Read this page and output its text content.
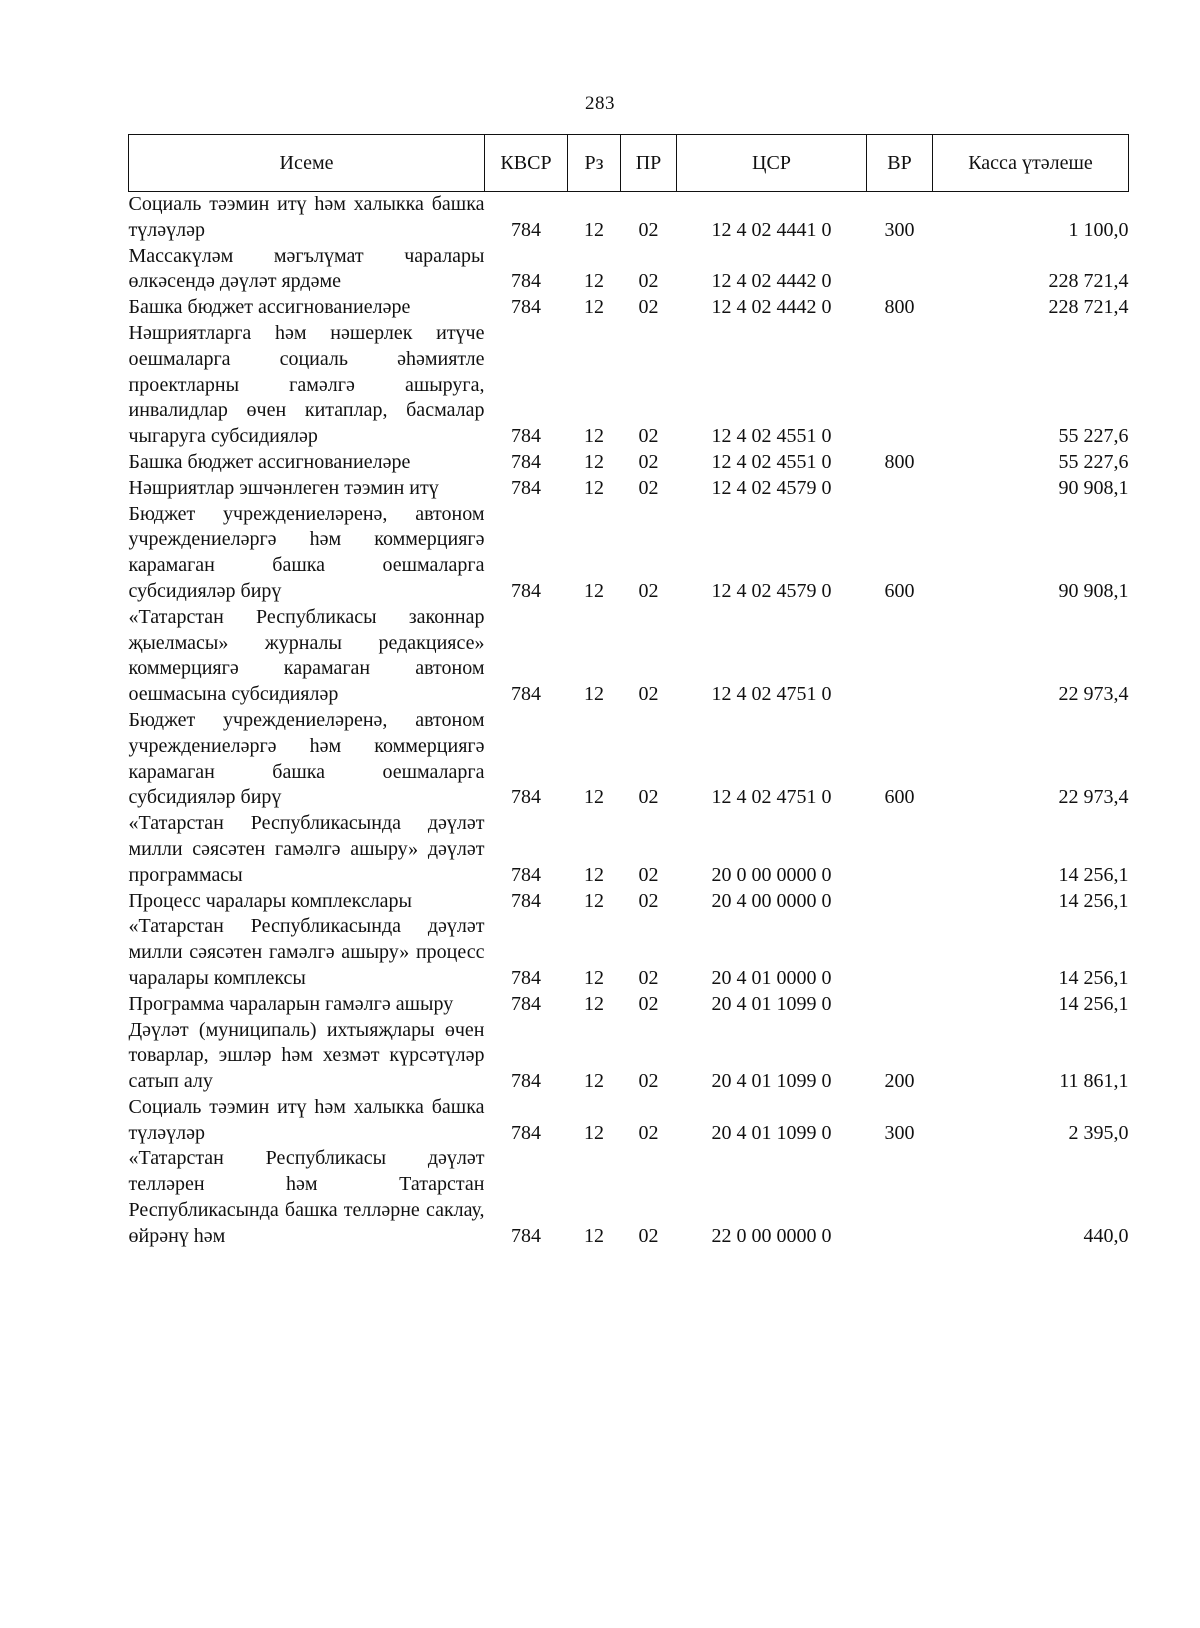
283
Исеме	КВСР	Рз	ПР	ЦСР	ВР	Касса үтәлеше
Социаль тәэмин итү һәм халыкка башка түләүләр	784	12	02	12 4 02 4441 0	300	1 100,0
Массакүләм мәгълүмат чаралары өлкәсендә дәүләт ярдәме	784	12	02	12 4 02 4442 0		228 721,4
Башка бюджет ассигнованиеләре	784	12	02	12 4 02 4442 0	800	228 721,4
Нәшриятларга һәм нәшерлек итүче оешмаларга социаль әһәмиятле проектларны гамәлгә ашыруга, инвалидлар өчен китаплар, басмалар чыгаруга субсидияләр	784	12	02	12 4 02 4551 0		55 227,6
Башка бюджет ассигнованиеләре	784	12	02	12 4 02 4551 0	800	55 227,6
Нәшриятлар эшчәнлеген тәэмин итү	784	12	02	12 4 02 4579 0		90 908,1
Бюджет учреждениеләренә, автоном учреждениеләргә һәм коммерциягә карамаган башка оешмаларга субсидияләр бирү	784	12	02	12 4 02 4579 0	600	90 908,1
«Татарстан Республикасы законнар җыелмасы» журналы редакциясе» коммерциягә карамаган автоном оешмасына субсидияләр	784	12	02	12 4 02 4751 0		22 973,4
Бюджет учреждениеләренә, автоном учреждениеләргә һәм коммерциягә карамаган башка оешмаларга субсидияләр бирү	784	12	02	12 4 02 4751 0	600	22 973,4
«Татарстан Республикасында дәүләт милли сәясәтен гамәлгә ашыру» дәүләт программасы	784	12	02	20 0 00 0000 0		14 256,1
Процесс чаралары комплекслары	784	12	02	20 4 00 0000 0		14 256,1
«Татарстан Республикасында дәүләт милли сәясәтен гамәлгә ашыру» процесс чаралары комплексы	784	12	02	20 4 01 0000 0		14 256,1
Программа чараларын гамәлгә ашыру	784	12	02	20 4 01 1099 0		14 256,1
Дәүләт (муниципаль) ихтыяҗлары өчен товарлар, эшләр һәм хезмәт күрсәтүләр сатып алу	784	12	02	20 4 01 1099 0	200	11 861,1
Социаль тәэмин итү һәм халыкка башка түләүләр	784	12	02	20 4 01 1099 0	300	2 395,0
«Татарстан Республикасы дәүләт телләрен һәм Татарстан Республикасында башка телләрне саклау, өйрәнү һәм	784	12	02	22 0 00 0000 0		440,0
